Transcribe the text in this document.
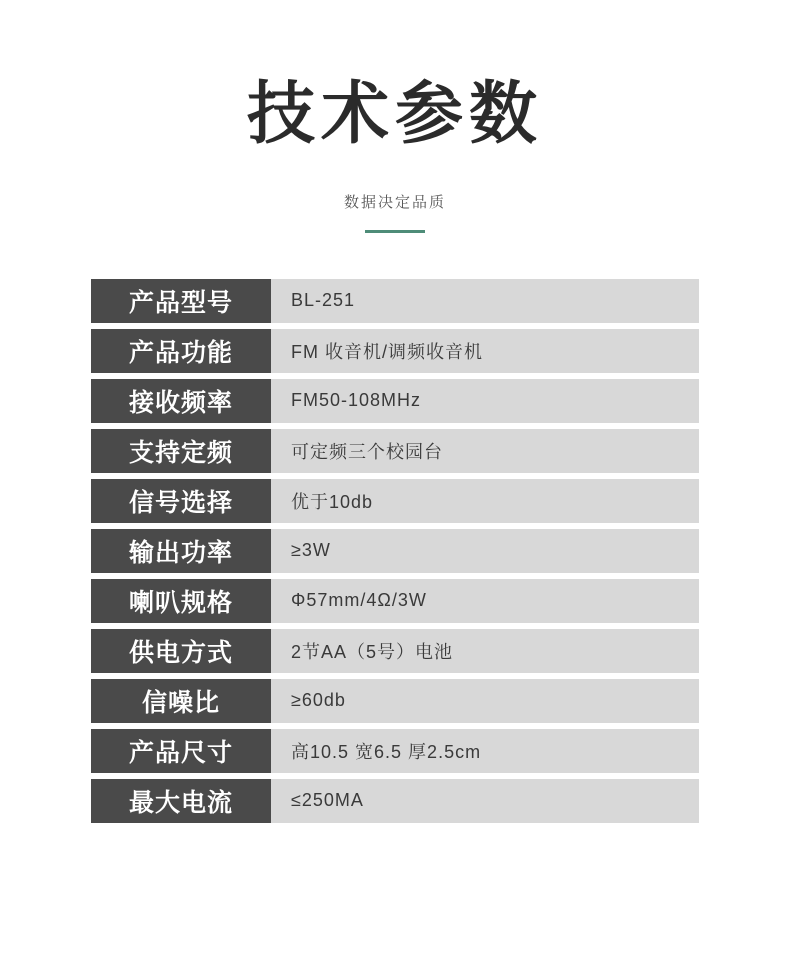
技术参数

数据决定品质

产品型号	BL-251
产品功能	FM 收音机/调频收音机
接收频率	FM50-108MHz
支持定频	可定频三个校园台
信号选择	优于10db
输出功率	≥3W
喇叭规格	Φ57mm/4Ω/3W
供电方式	2节AA（5号）电池
信噪比	≥60db
产品尺寸	高10.5 宽6.5 厚2.5cm
最大电流	≤250MA
